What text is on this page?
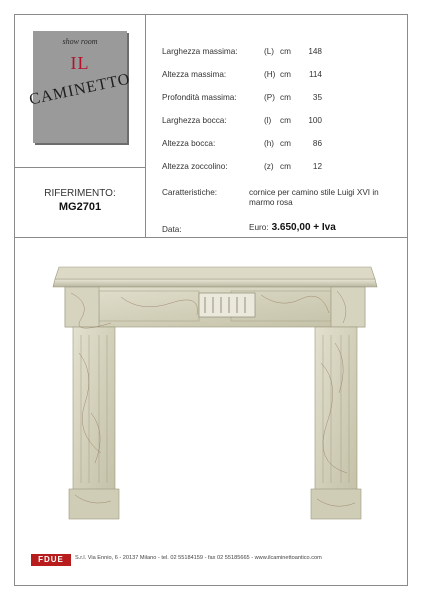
show room
IL
CAMINETTO
RIFERIMENTO:
MG2701
Larghezza massima:	(L) cm	148
Altezza massima:	(H) cm	114
Profondità massima:	(P) cm	35
Larghezza bocca:	(l) cm	100
Altezza bocca:	(h) cm	86
Altezza zoccolino:	(z) cm	12
Caratteristiche:	cornice per camino stile Luigi XVI in marmo rosa
Data:	Euro: 3.650,00 + Iva
FDUE	S.r.l. Via Ennio, 6 - 20137 Milano - tel. 02 55184159 - fax 02 55185665 - www.ilcaminettoantico.com
